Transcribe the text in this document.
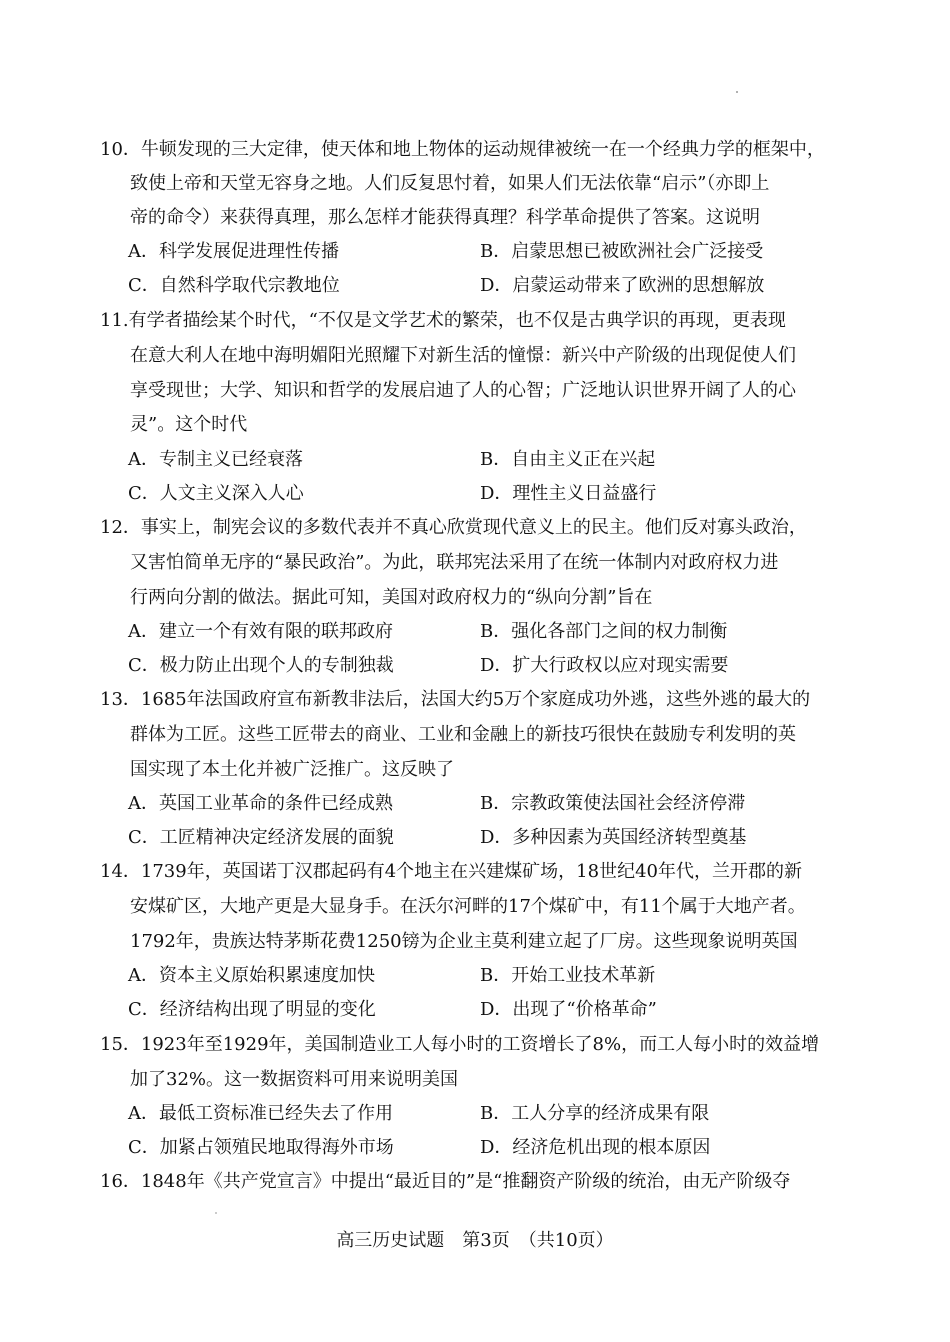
10．牛顿发现的三大定律，使天体和地上物体的运动规律被统一在一个经典力学的框架中，
致使上帝和天堂无容身之地。人们反复思忖着，如果人们无法依靠“启示”（亦即上
帝的命令）来获得真理，那么怎样才能获得真理？科学革命提供了答案。这说明
A．科学发展促进理性传播	B．启蒙思想已被欧洲社会广泛接受
C．自然科学取代宗教地位	D．启蒙运动带来了欧洲的思想解放
11.有学者描绘某个时代，“不仅是文学艺术的繁荣，也不仅是古典学识的再现，更表现
在意大利人在地中海明媚阳光照耀下对新生活的憧憬：新兴中产阶级的出现促使人们
享受现世；大学、知识和哲学的发展启迪了人的心智；广泛地认识世界开阔了人的心
灵”。这个时代
A．专制主义已经衰落	B．自由主义正在兴起
C．人文主义深入人心	D．理性主义日益盛行
12．事实上，制宪会议的多数代表并不真心欣赏现代意义上的民主。他们反对寡头政治，
又害怕简单无序的“暴民政治”。为此，联邦宪法采用了在统一体制内对政府权力进
行两向分割的做法。据此可知，美国对政府权力的“纵向分割”旨在
A．建立一个有效有限的联邦政府	B．强化各部门之间的权力制衡
C．极力防止出现个人的专制独裁	D．扩大行政权以应对现实需要
13．1685年法国政府宣布新教非法后，法国大约5万个家庭成功外逃，这些外逃的最大的
群体为工匠。这些工匠带去的商业、工业和金融上的新技巧很快在鼓励专利发明的英
国实现了本土化并被广泛推广。这反映了
A．英国工业革命的条件已经成熟	B．宗教政策使法国社会经济停滞
C．工匠精神决定经济发展的面貌	D．多种因素为英国经济转型奠基
14．1739年，英国诺丁汉郡起码有4个地主在兴建煤矿场，18世纪40年代，兰开郡的新
安煤矿区，大地产更是大显身手。在沃尔河畔的17个煤矿中，有11个属于大地产者。
1792年，贵族达特茅斯花费1250镑为企业主莫利建立起了厂房。这些现象说明英国
A．资本主义原始积累速度加快	B．开始工业技术革新
C．经济结构出现了明显的变化	D．出现了“价格革命”
15．1923年至1929年，美国制造业工人每小时的工资增长了8%，而工人每小时的效益增
加了32%。这一数据资料可用来说明美国
A．最低工资标准已经失去了作用	B．工人分享的经济成果有限
C．加紧占领殖民地取得海外市场	D．经济危机出现的根本原因
16．1848年《共产党宣言》中提出“最近目的”是“推翻资产阶级的统治，由无产阶级夺
高三历史试题　第3页　（共10页）
